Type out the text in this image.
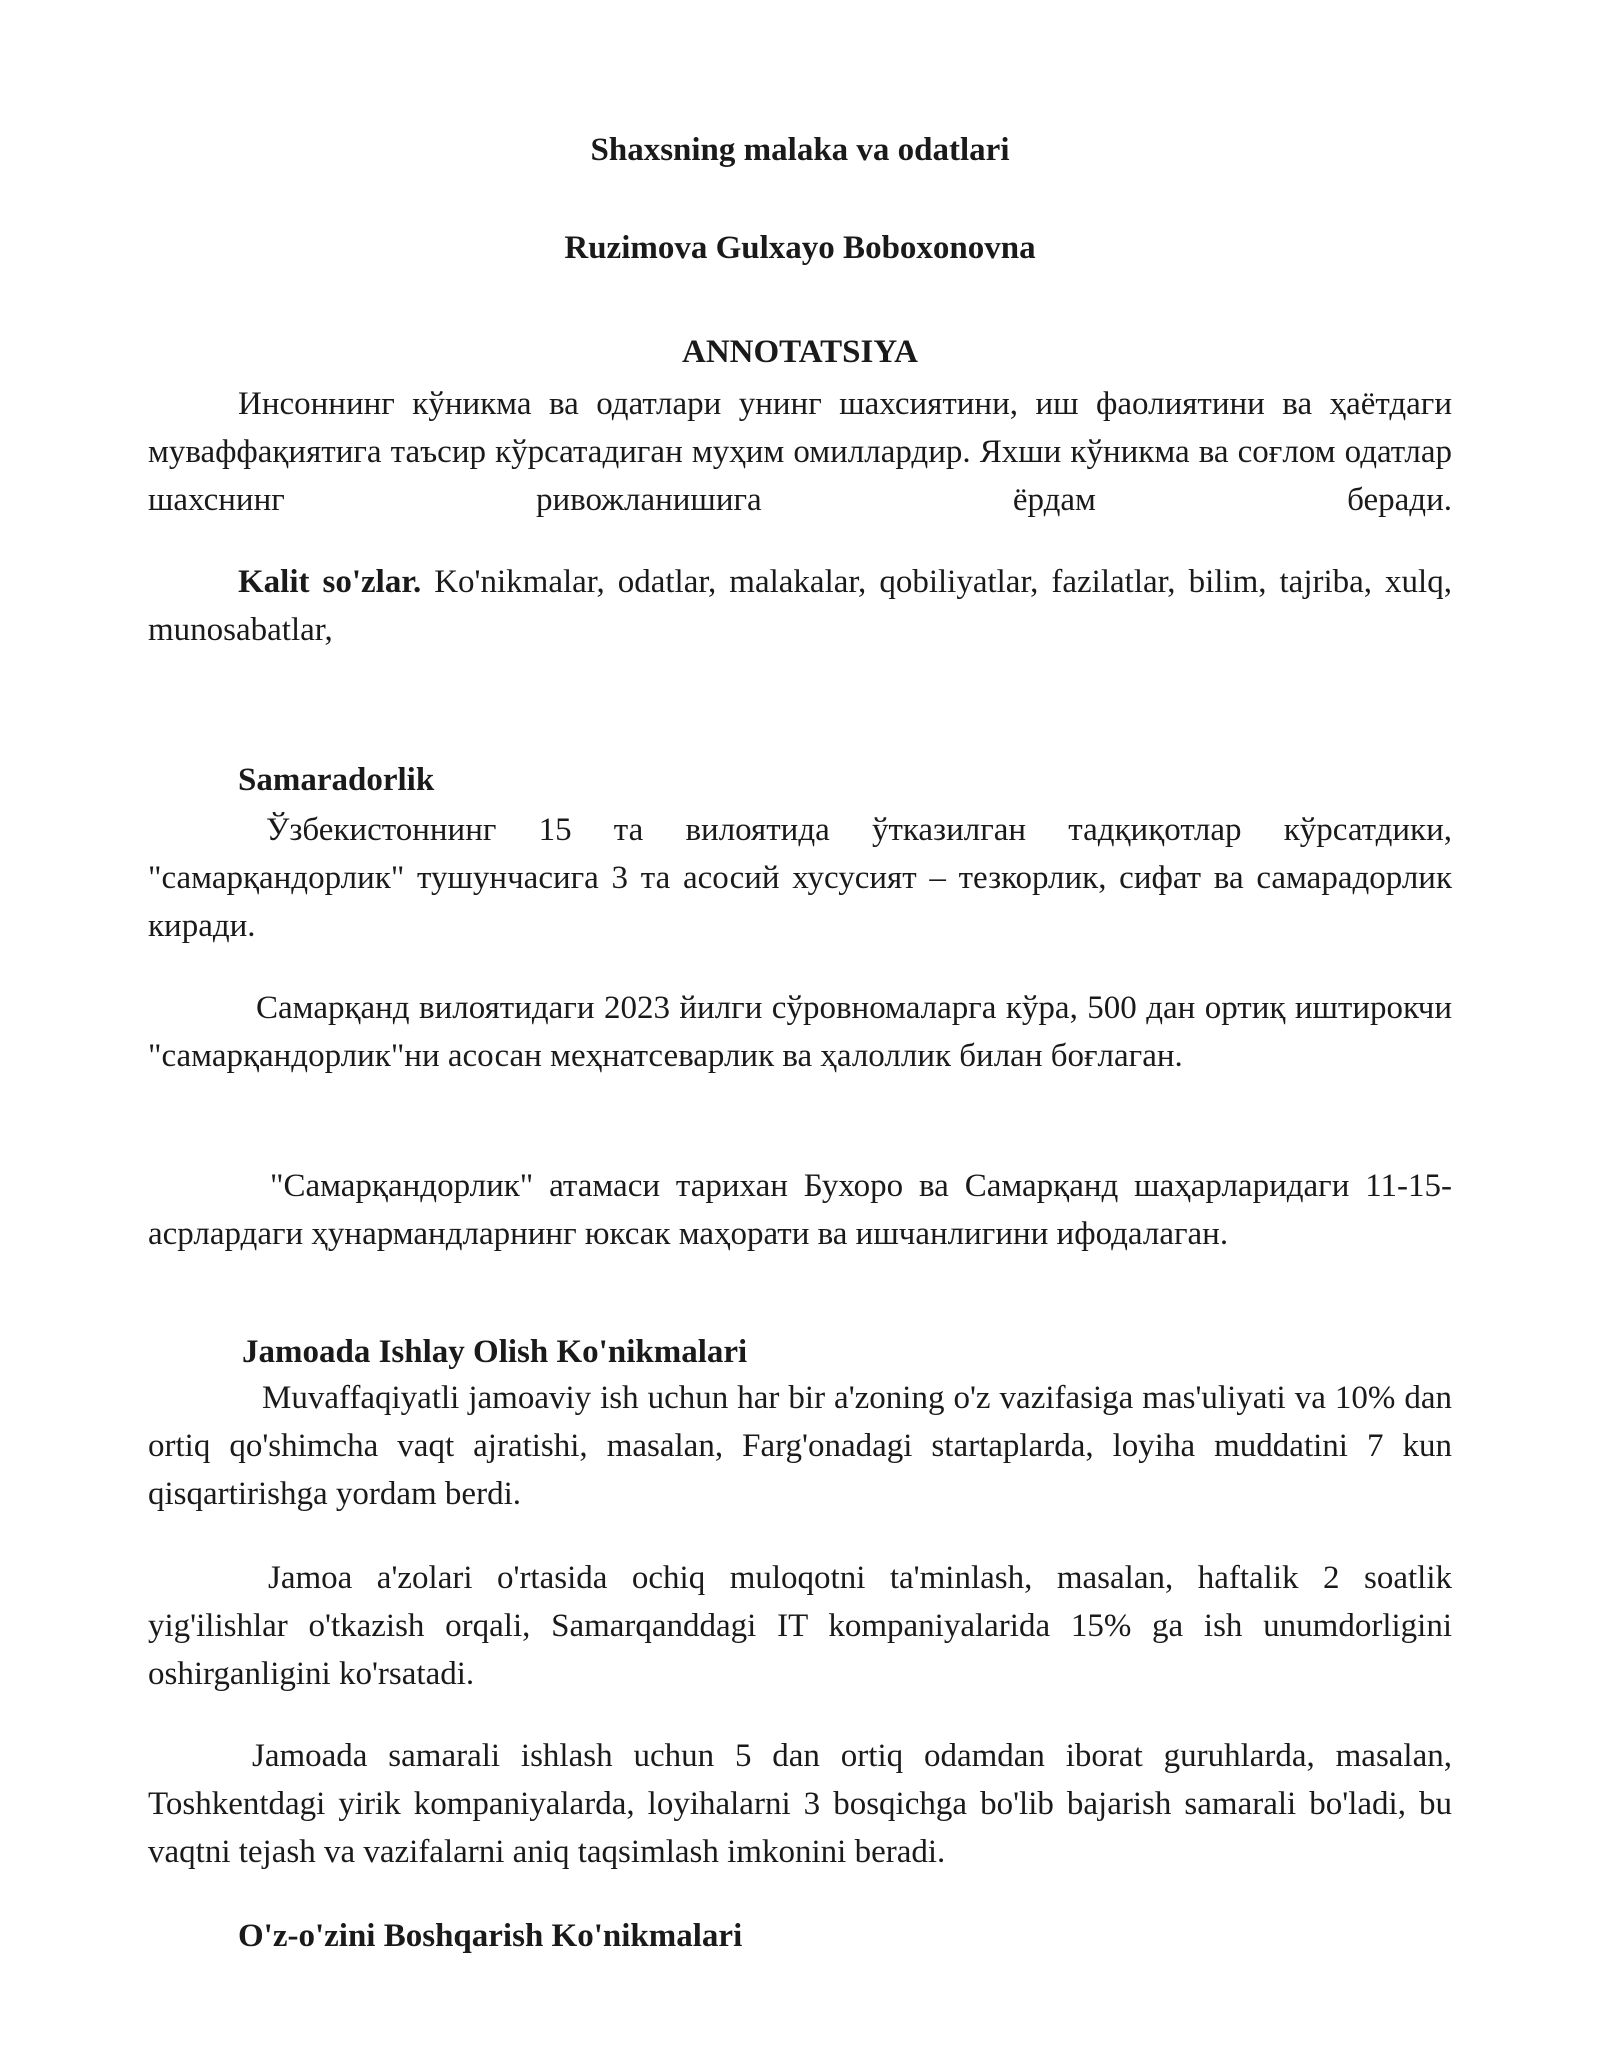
Shaxsning malaka va odatlari
Ruzimova Gulxayo Boboxonovna
ANNOTATSIYA
Инсоннинг кўникма ва одатлари унинг шахсиятини, иш фаолиятини ва ҳаётдаги муваффақиятига таъсир кўрсатадиган муҳим омиллардир. Яхши кўникма ва соғлом одатлар шахснинг ривожланишига ёрдам беради.
Kalit so'zlar. Ko'nikmalar, odatlar, malakalar, qobiliyatlar, fazilatlar, bilim, tajriba, xulq, munosabatlar,
Samaradorlik
Ўзбекистоннинг 15 та вилоятида ўтказилган тадқиқотлар кўрсатдики, "самарқандорлик" тушунчасига 3 та асосий хусусият – тезкорлик, сифат ва самарадорлик киради.
Самарқанд вилоятидаги 2023 йилги сўровномаларга кўра, 500 дан ортиқ иштирокчи "самарқандорлик"ни асосан меҳнатсеварлик ва ҳалоллик билан боғлаган.
"Самарқандорлик" атамаси тарихан Бухоро ва Самарқанд шаҳарларидаги 11-15-асрлардаги ҳунармандларнинг юксак маҳорати ва ишчанлигини ифодалаган.
Jamoada Ishlay Olish Ko'nikmalari
Muvaffaqiyatli jamoaviy ish uchun har bir a'zoning o'z vazifasiga mas'uliyati va 10% dan ortiq qo'shimcha vaqt ajratishi, masalan, Farg'onadagi startaplarda, loyiha muddatini 7 kun qisqartirishga yordam berdi.
Jamoa a'zolari o'rtasida ochiq muloqotni ta'minlash, masalan, haftalik 2 soatlik yig'ilishlar o'tkazish orqali, Samarqanddagi IT kompaniyalarida 15% ga ish unumdorligini oshirganligini ko'rsatadi.
Jamoada samarali ishlash uchun 5 dan ortiq odamdan iborat guruhlarda, masalan, Toshkentdagi yirik kompaniyalarda, loyihalarni 3 bosqichga bo'lib bajarish samarali bo'ladi, bu vaqtni tejash va vazifalarni aniq taqsimlash imkonini beradi.
O'z-o'zini Boshqarish Ko'nikmalari
